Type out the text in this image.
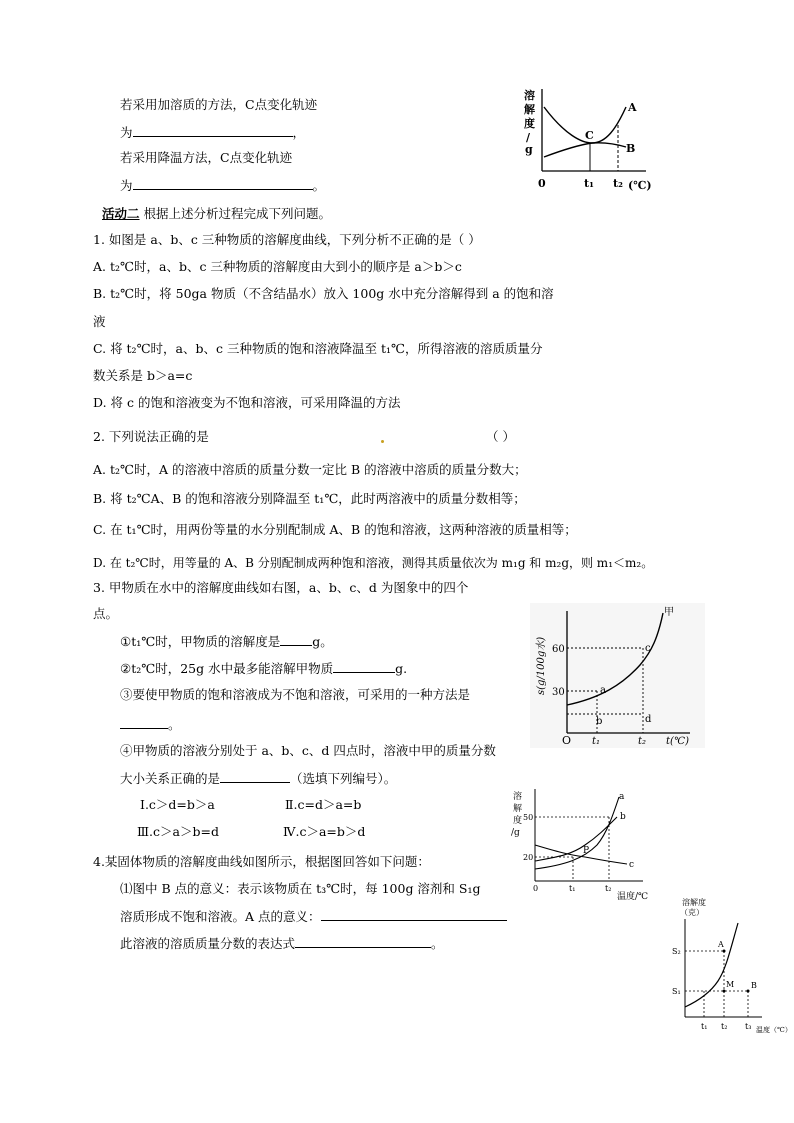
若采用加溶质的方法，C点变化轨迹
为	，
若采用降温方法，C点变化轨迹
为	。
溶
解
度
/
g
C
A
B
0	t₁ t₂ (℃)
活动二 根据上述分析过程完成下列问题。
1. 如图是 a、b、c 三种物质的溶解度曲线，下列分析不正确的是（ ）
A. t₂℃时，a、b、c 三种物质的溶解度由大到小的顺序是 a＞b＞c
B. t₂℃时，将 50ga 物质（不含结晶水）放入 100g 水中充分溶解得到 a 的饱和溶
液
C. 将 t₂℃时，a、b、c 三种物质的饱和溶液降温至 t₁℃，所得溶液的溶质质量分
数关系是 b＞a=c
D. 将 c 的饱和溶液变为不饱和溶液，可采用降温的方法
2. 下列说法正确的是	（ ）
A. t₂℃时，A 的溶液中溶质的质量分数一定比 B 的溶液中溶质的质量分数大；
B. 将 t₂℃A、B 的饱和溶液分别降温至 t₁℃，此时两溶液中的质量分数相等；
C. 在 t₁℃时，用两份等量的水分别配制成 A、B 的饱和溶液，这两种溶液的质量相等；
D. 在 t₂℃时，用等量的 A、B 分别配制成两种饱和溶液，测得其质量依次为 m₁g 和 m₂g，则 m₁＜m₂。
3. 甲物质在水中的溶解度曲线如右图，a、b、c、d 为图象中的四个
点。
①t₁℃时，甲物质的溶解度是	g。
②t₂℃时，25g 水中最多能溶解甲物质	g.
③要使甲物质的饱和溶液成为不饱和溶液，可采用的一种方法是
。
④甲物质的溶液分别处于 a、b、c、d 四点时，溶液中甲的质量分数
大小关系正确的是	（选填下列编号）。
Ⅰ.c＞d=b＞a	Ⅱ.c=d＞a=b
Ⅲ.c＞a＞b=d	Ⅳ.c＞a=b＞d
s(g/100g水) 60
30
O t₁	t₂ t(℃)
甲
a
b
c
d
溶
解
度
/g
50
20
0	t₁	t₂
温度/℃
a
b
c
P
4.某固体物质的溶解度曲线如图所示，根据图回答如下问题：
⑴图中 B 点的意义：表示该物质在 t₃℃时，每 100g 溶剂和 S₁g
溶质形成不饱和溶液。A 点的意义：
此溶液的溶质质量分数的表达式	。
溶解度
（克）
S₂
S₁
t₁ t₂ t₃ 温度（℃）
A
M B
